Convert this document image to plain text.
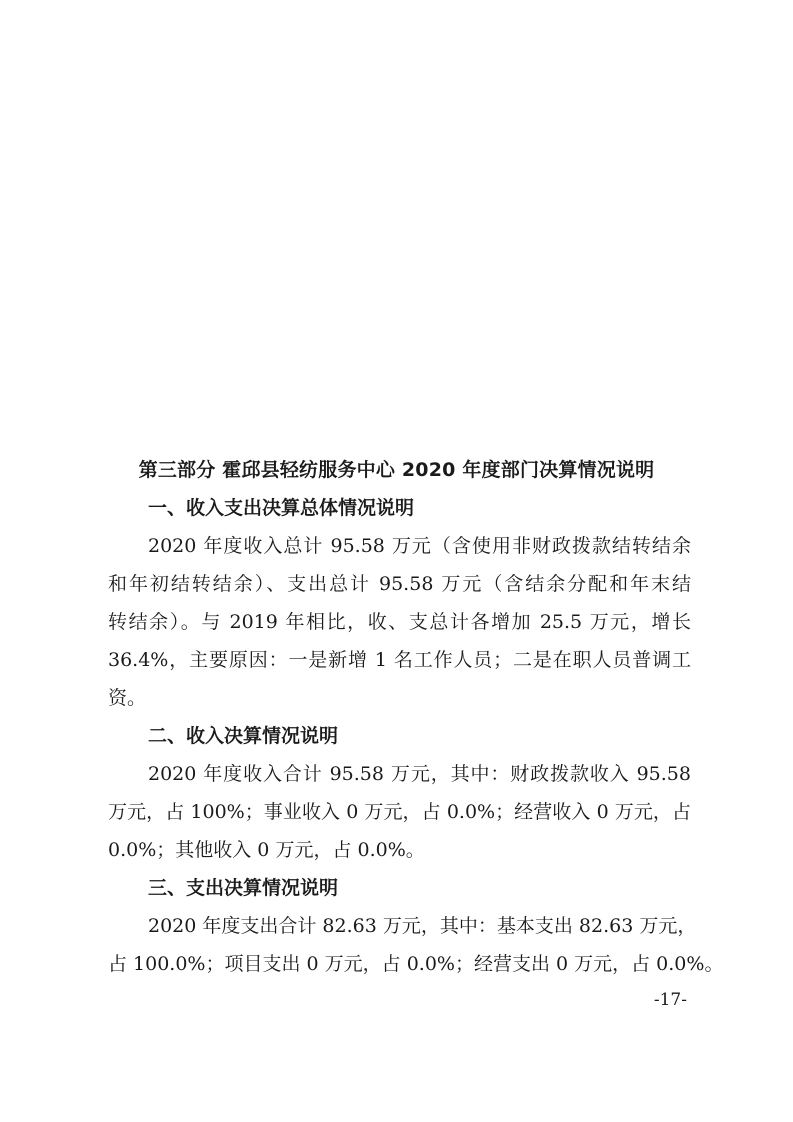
第三部分 霍邱县轻纺服务中心 2020 年度部门决算情况说明
一、收入支出决算总体情况说明
2020 年度收入总计 95.58 万元（含使用非财政拨款结转结余
和年初结转结余）、支出总计 95.58 万元（含结余分配和年末结
转结余）。与 2019 年相比，收、支总计各增加 25.5 万元，增长
36.4%，主要原因：一是新增 1 名工作人员；二是在职人员普调工
资。
二、收入决算情况说明
2020 年度收入合计 95.58 万元，其中：财政拨款收入 95.58
万元，占 100%；事业收入 0 万元，占 0.0%；经营收入 0 万元，占
0.0%；其他收入 0 万元，占 0.0%。
三、支出决算情况说明
2020 年度支出合计 82.63 万元，其中：基本支出 82.63 万元，
占 100.0%；项目支出 0 万元，占 0.0%；经营支出 0 万元，占 0.0%。
-17-
